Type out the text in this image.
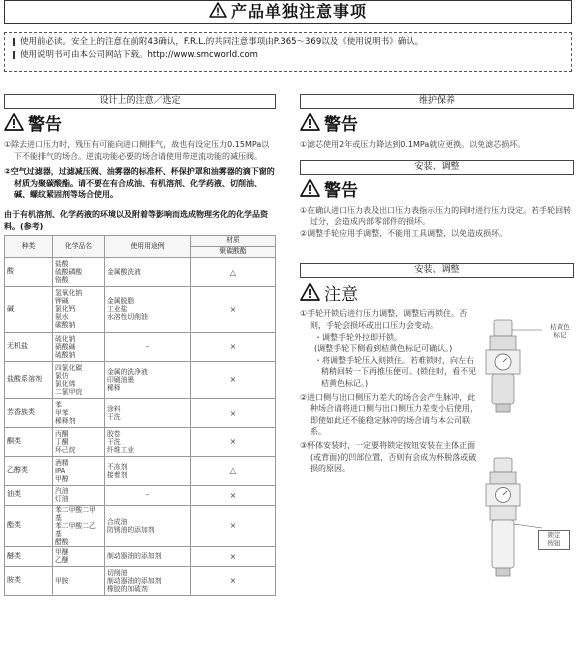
产品单独注意事项

使用前必读。安全上的注意在前附43确认，F.R.L.的共同注意事项由P.365～369以及《使用说明书》确认。

使用说明书可由本公司网站下载。http://www.smcworld.com

设计上的注意／选定
警告

①除去进口压力时，残压有可能向进口侧排气，故也有设定压力0.15MPa以下不能排气的场合。逆流功能必要的场合请使用带逆流功能的减压阀。

②空气过滤器，过滤减压阀、油雾器的标准杯、杯保护罩和油雾器的滴下窗的材质为聚碳酸酯。请不要在有合成油、有机溶剂、化学药液、切削油、碱、螺纹紧固剂等场合使用。

由于有机溶剂、化学药液的环境以及附着等影响而选成物理劣化的化学品资料。(参考)

种类	化学品名	使用用途例	材质
			聚碳酸酯
酸	盐酸
硫酸磷酸
铬酸	金属酸洗液	△
碱	氢氧化钠
钾碱
氯化钙
氨水
碳酸钠	金属脱脂
工业盐
水溶性切削油	×
无机盐	硫化钠
硝酸碱
硫酸钠	–	×
盐酸系溶剂	四氯化碳
氯仿
氯化烯
二氯甲烷	金属的洗净液
印刷油墨
稀释	×
芳香族类	苯
甲苯
稀释剂	涂料
干洗	×
酮类	丙酮
丁酮
环己烷	胶卷
干洗
纤维工业	×
乙醇类	酒精
IPA
甲醇	不冻剂
接着剂	△
油类	汽油
灯油	–	×
酯类	苯二甲酸二甲基
苯二甲酸二乙基
醋酸	合成油
防锈油的添加剂	×
醚类	甲醚
乙醚	制动器油的添加剂	×
胺类	甲胺	切削油
制动器油的添加剂
橡胶的加硫剂	×
维护保养
警告

①滤芯使用2年或压力降达到0.1MPa就应更换。以免滤芯损坏。

安装、调整
警告

①在确认进口压力表及出口压力表指示压力的同时进行压力设定。若手轮回转过分，会造成内部零部件的损坏。

②调整手轮应用手调整，不能用工具调整，以免造成损坏。

安装、调整
注意

①手轮开锁后进行压力调整，调整后再锁住。否则，手轮会损坏或出口压力会变动。

・调整手轮外拉即开锁。

(调整手轮下侧看到桔黄色标记可确认。)

・将调整手轮压入则锁住。若难锁时，向左右稍稍回转一下再推压便可。(锁住时，看不见桔黄色标记。)

②进口侧与出口侧压力差大的场合会产生脉冲，此种场合请将进口侧与出口侧压力差变小后使用，即使如此还不能稳定脉冲的场合请与本公司联系。

③杯体安装时，一定要将锁定按钮安装在主体正面(或背面)的凹部位置，否则有会成为杯脱落或破损的原因。

桔黄色
标记
锁定
按钮
